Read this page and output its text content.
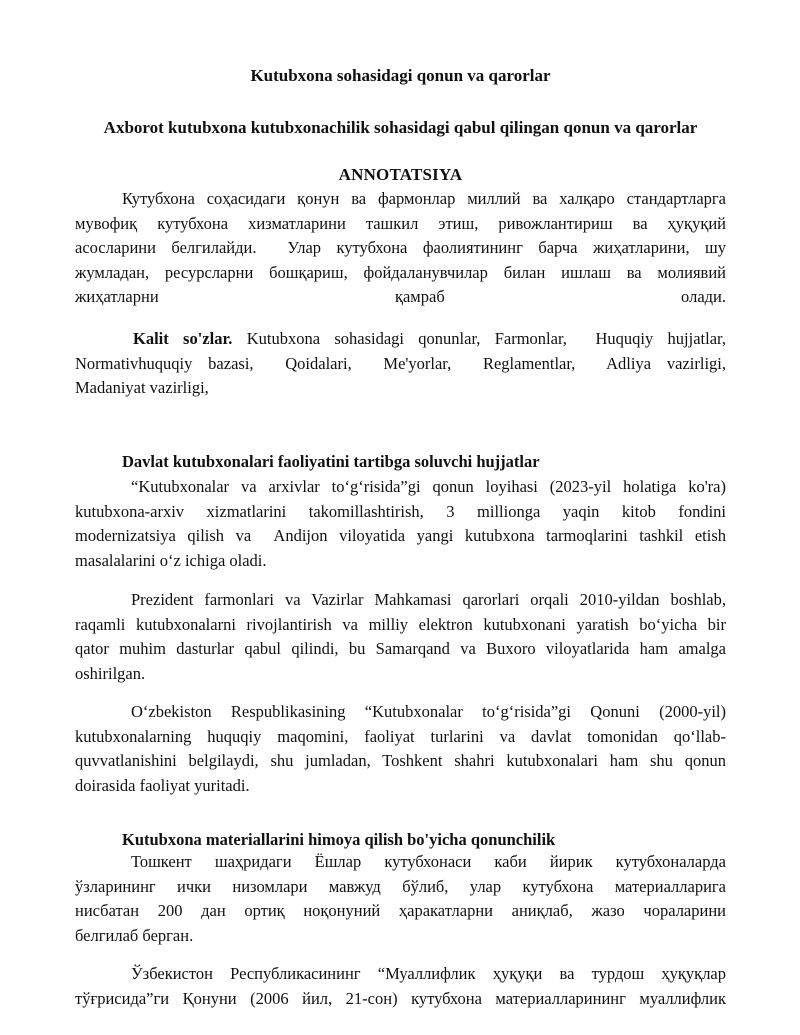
Kutubxona sohasidagi qonun va qarorlar
Axborot kutubxona kutubxonachilik sohasidagi qabul qilingan qonun va qarorlar
ANNOTATSIYA

Кутубхона соҳасидаги қонун ва фармонлар миллий ва халқаро стандартларга
мувофиқ кутубхона хизматларини ташкил этиш, ривожлантириш ва ҳуқуқий
асосларини белгилайди.  Улар кутубхона фаолиятининг барча жиҳатларини, шу
жумладан, ресурсларни бошқариш, фойдаланувчилар билан ишлаш ва молиявий
жиҳатларни                                    қамраб                                    олади.

Kalit so'zlar. Kutubxona sohasidagi qonunlar, Farmonlar,  Huquqiy hujjatlar,
Normativhuquqiy bazasi,  Qoidalari,  Me'yorlar,  Reglamentlar,  Adliya vazirligi,
Madaniyat vazirligi,

Davlat kutubxonalari faoliyatini tartibga soluvchi hujjatlar

“Kutubxonalar va arxivlar to‘g‘risida”gi qonun loyihasi (2023-yil holatiga ko'ra)
kutubxona-arxiv xizmatlarini takomillashtirish, 3 millionga yaqin kitob fondini
modernizatsiya qilish va  Andijon viloyatida yangi kutubxona tarmoqlarini tashkil etish
masalalarini o‘z ichiga oladi.

Prezident farmonlari va Vazirlar Mahkamasi qarorlari orqali 2010-yildan boshlab,
raqamli kutubxonalarni rivojlantirish va milliy elektron kutubxonani yaratish bo‘yicha bir
qator muhim dasturlar qabul qilindi, bu Samarqand va Buxoro viloyatlarida ham amalga
oshirilgan.

O‘zbekiston Respublikasining “Kutubxonalar to‘g‘risida”gi Qonuni (2000-yil)
kutubxonalarning huquqiy maqomini, faoliyat turlarini va davlat tomonidan qo‘llab-
quvvatlanishini belgilaydi, shu jumladan, Toshkent shahri kutubxonalari ham shu qonun
doirasida faoliyat yuritadi.

Kutubxona materiallarini himoya qilish bo'yicha qonunchilik

Тошкент шаҳридаги Ёшлар кутубхонаси каби йирик кутубхоналарда
ўзларининг ички низомлари мавжуд бўлиб, улар кутубхона материалларига
нисбатан 200 дан ортиқ ноқонуний ҳаракатларни аниқлаб, жазо чораларини
белгилаб берган.

Ўзбекистон Республикасининг “Муаллифлик ҳуқуқи ва турдош ҳуқуқлар
тўғрисида”ги Қонуни (2006 йил, 21-сон) кутубхона материалларининг муаллифлик
